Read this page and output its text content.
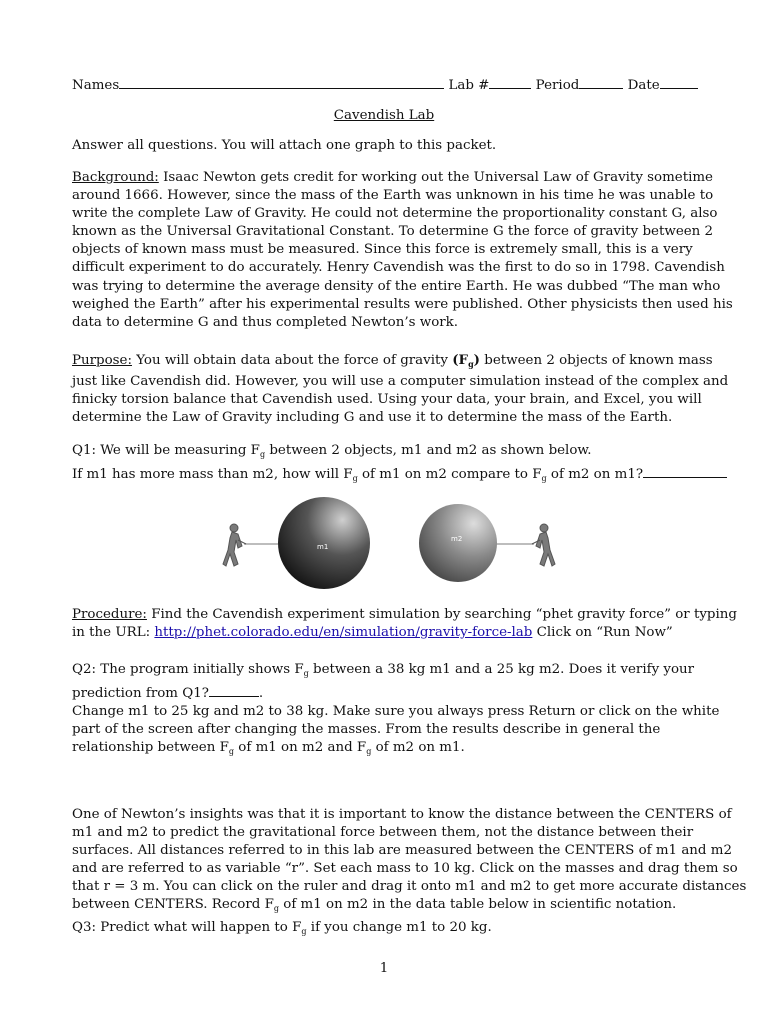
Names	Lab #	Period	Date
Cavendish Lab
Answer all questions. You will attach one graph to this packet.
Background: Isaac Newton gets credit for working out the Universal Law of Gravity sometime
around 1666. However, since the mass of the Earth was unknown in his time he was unable to
write the complete Law of Gravity. He could not determine the proportionality constant G, also
known as the Universal Gravitational Constant. To determine G the force of gravity between 2
objects of known mass must be measured. Since this force is extremely small, this is a very
difficult experiment to do accurately. Henry Cavendish was the first to do so in 1798. Cavendish
was trying to determine the average density of the entire Earth. He was dubbed “The man who
weighed the Earth” after his experimental results were published. Other physicists then used his
data to determine G and thus completed Newton’s work.
Purpose: You will obtain data about the force of gravity $(F_g)$ between 2 objects of known mass
just like Cavendish did. However, you will use a computer simulation instead of the complex and
finicky torsion balance that Cavendish used. Using your data, your brain, and Excel, you will
determine the Law of Gravity including G and use it to determine the mass of the Earth.
Q1: We will be measuring $F_g$ between 2 objects, m1 and m2 as shown below.
If m1 has more mass than m2, how will $F_g$ of m1 on m2 compare to $F_g$ of m2 on m1?
m1
m2
Procedure: Find the Cavendish experiment simulation by searching “phet gravity force” or typing
in the URL: http://phet.colorado.edu/en/simulation/gravity-force-lab Click on “Run Now”
Q2: The program initially shows $F_g$ between a 38 kg m1 and a 25 kg m2. Does it verify your
prediction from Q1?	.
Change m1 to 25 kg and m2 to 38 kg. Make sure you always press Return or click on the white
part of the screen after changing the masses. From the results describe in general the
relationship between $F_g$ of m1 on m2 and $F_g$ of m2 on m1.
One of Newton’s insights was that it is important to know the distance between the CENTERS of
m1 and m2 to predict the gravitational force between them, not the distance between their
surfaces. All distances referred to in this lab are measured between the CENTERS of m1 and m2
and are referred to as variable “r”. Set each mass to 10 kg. Click on the masses and drag them so
that r = 3 m. You can click on the ruler and drag it onto m1 and m2 to get more accurate distances
between CENTERS. Record $F_g$ of m1 on m2 in the data table below in scientific notation.
Q3: Predict what will happen to $F_g$ if you change m1 to 20 kg.
1
